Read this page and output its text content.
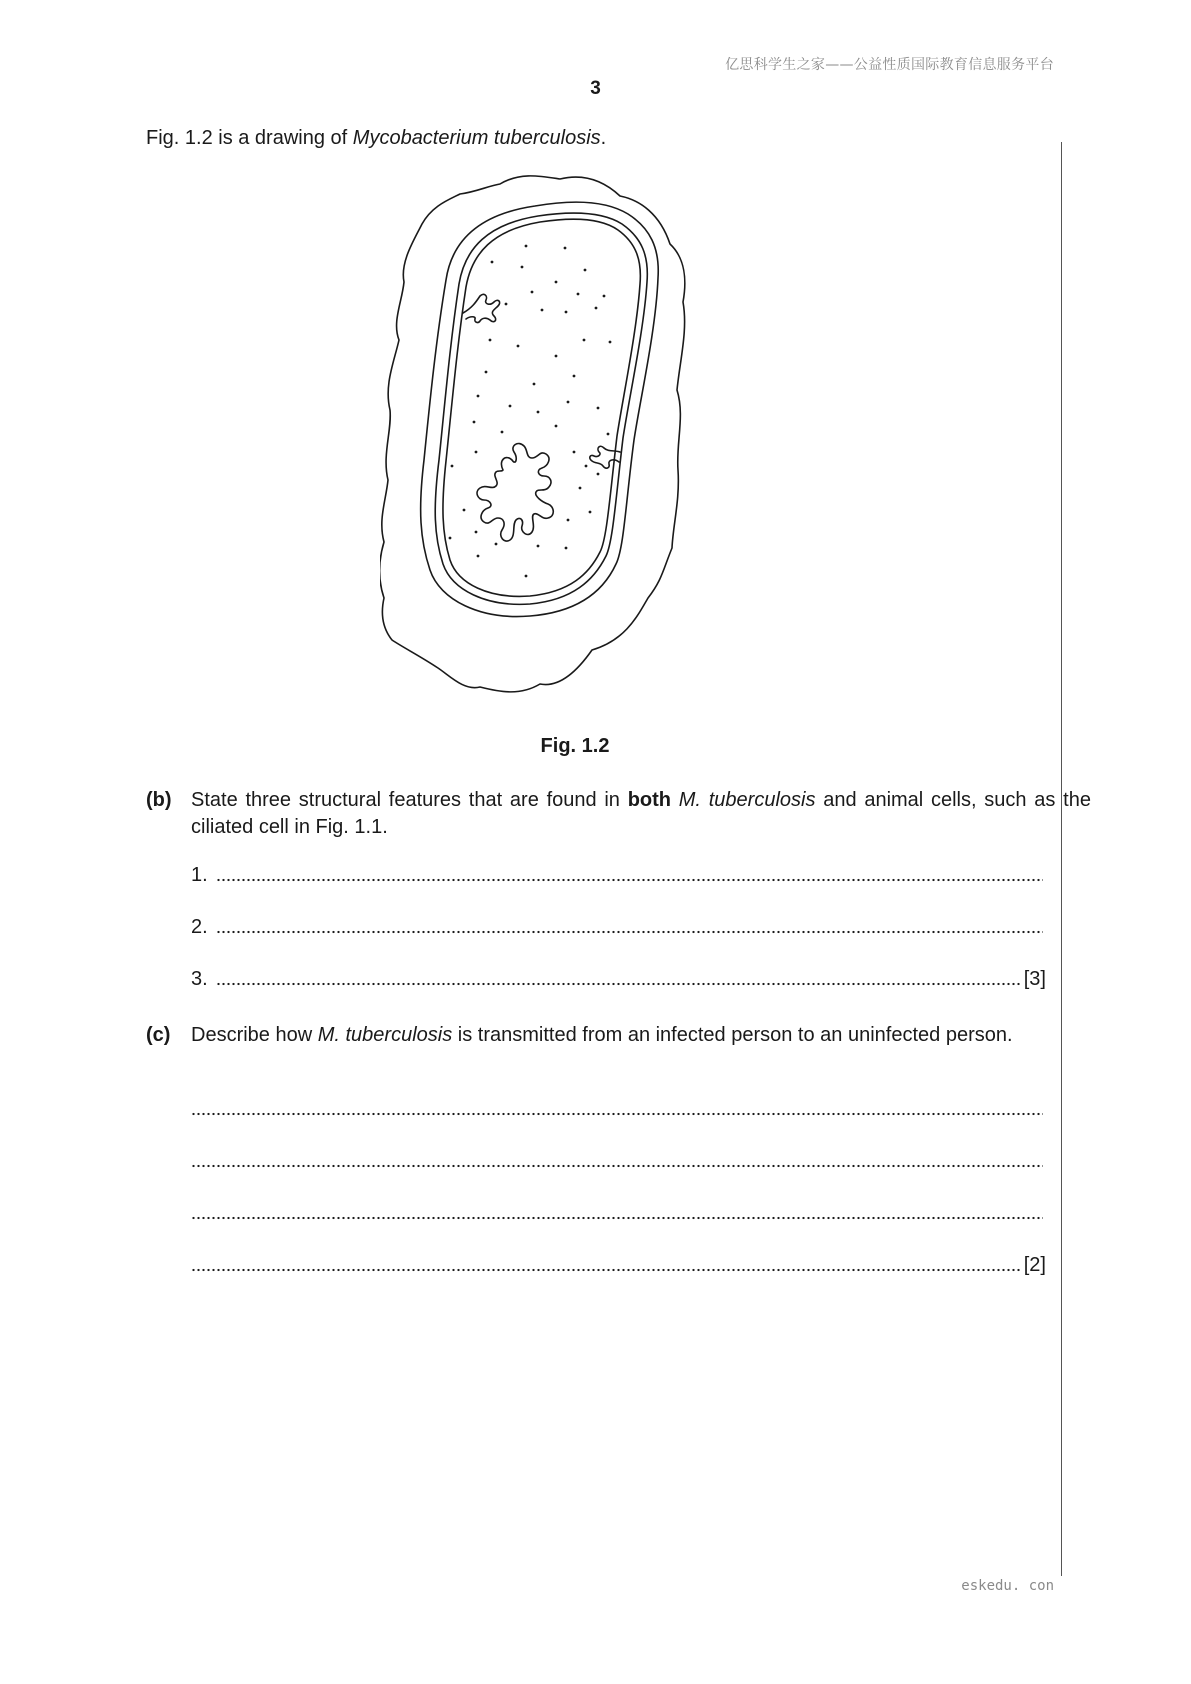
亿思科学生之家——公益性质国际教育信息服务平台
3
Fig. 1.2 is a drawing of Mycobacterium tuberculosis.
Fig. 1.2
(b) State three structural features that are found in both M. tuberculosis and animal cells, such as the ciliated cell in Fig. 1.1.
1.
2.
3.	[3]
(c) Describe how M. tuberculosis is transmitted from an infected person to an uninfected person.
[2]
eskedu. con
